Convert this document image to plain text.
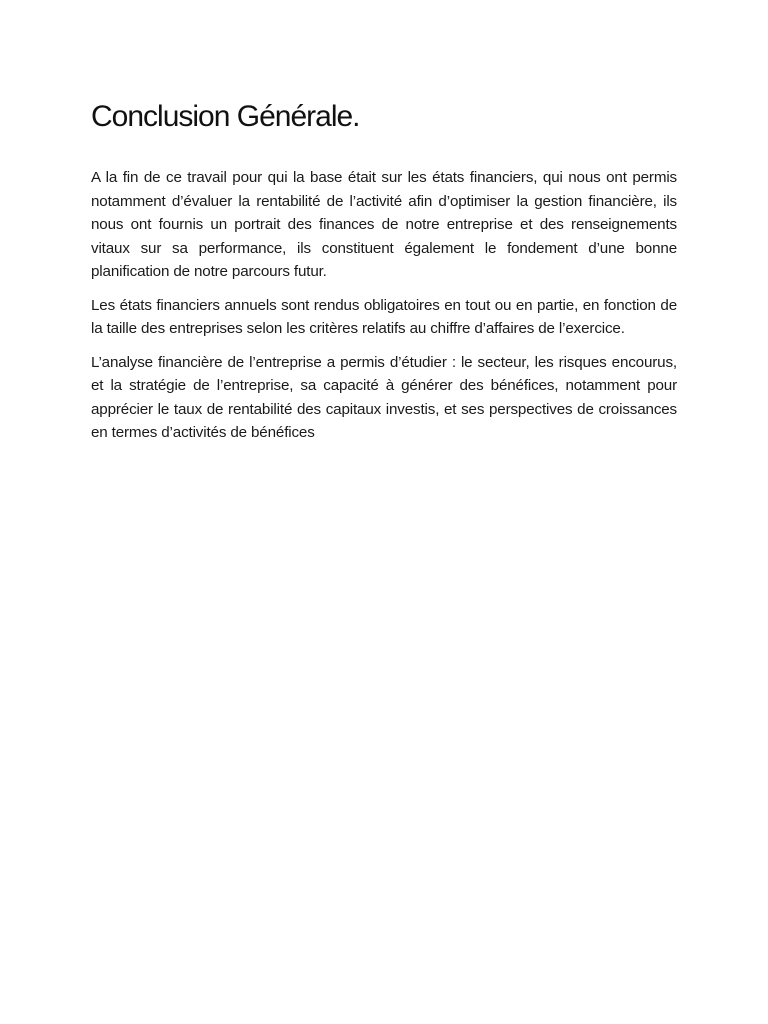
Conclusion Générale.

A la fin de ce travail pour qui la base était sur les états financiers, qui nous ont permis notamment d’évaluer la rentabilité de l’activité afin d’optimiser la gestion financière, ils nous ont fournis un portrait des finances de notre entreprise et des renseignements vitaux sur sa performance, ils constituent également le fondement d’une bonne planification de notre parcours futur.

Les états financiers annuels sont rendus obligatoires en tout ou en partie, en fonction de la taille des entreprises selon les critères relatifs au chiffre d’affaires de l’exercice.

L’analyse financière de l’entreprise a permis d’étudier : le secteur, les risques encourus, et la stratégie de l’entreprise, sa capacité à générer des bénéfices, notamment pour apprécier le taux de rentabilité des capitaux investis, et ses perspectives de croissances en termes d’activités de bénéfices
